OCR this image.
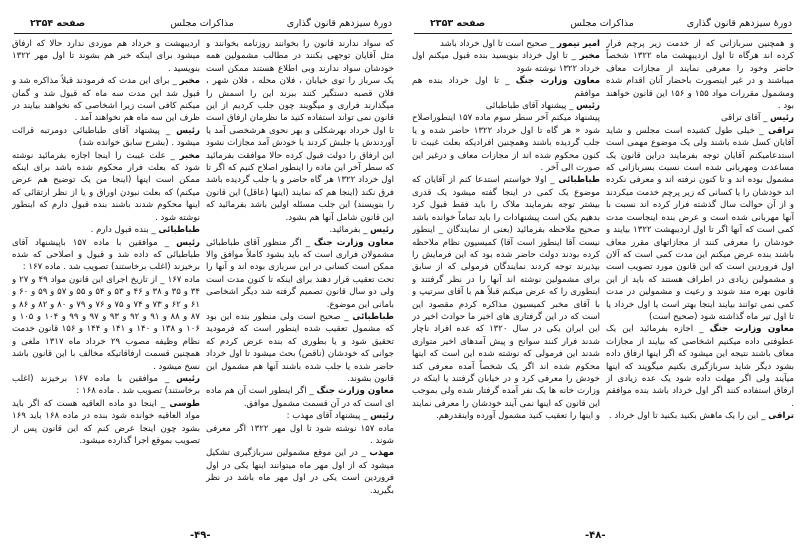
دورهٔ سیزدهم قانون گذاری
مذاکرات مجلس
صفحه ۲۳۵۴

که سواد ندارند قانون را بخوانند روزنامه بخوانند و مثل آقایان توجهی بکنند در مطالب مشمولین همه خودشان سواد ندارند وبی اطلاع هستند ممکن است یک سرباز را توی خیابان ، فلان محله ، فلان شهر ، فلان قصبه دستگیر کنند ببرند این را اسمش را میگذارند فراری و میگویند چون جلب کردیم از این قانون نمی تواند استفاده کنید ما نظرمان ارفاق است تا اول خرداد بهرشکلی و بهر نحوی هرشخصی آمد یا آوردندش یا جلبش کردند یا خودش آمد مجازات نشود این ارفاق را دولت قبول کرده حالا موافقت بفرمائید که سطر آخر این ماده را اینطور اصلاح کنیم که اگر تا اول خرداد ۱۳۲۲ هر گاه حاضر و یا جلب گردیده باشد فرق نکند (اینجا هم که نمایند (اینها (عاقل) این قانون را بنویسند) این جلب مسئله اولین باشد بفرمائید که این قانون شامل آنها هم بشود.

رئیس _ بفرمائید.

معاون وزارت جنگ _ اگر منظور آقای طباطبائی مشمولان فراری است که باید بشود کاملاً موافق والا ممکن است کسانی در این سربازی بوده اند و آنها را تحت تعقیب قرار دهند برای اینکه تا کنون مدت است ولی دو سال قانون تصمیم گرفته شد دیگر اشخاصی بامانی این موضوع.

طباطبائی _ صحیح است ولی منظور بنده این بود که مشمول تعقیب شده اینطور است که فرمودید تحقیق شود و یا بطوری که بنده عرض کردم که جوانی که خودشان (ناقص) بحث میشود تا اول خرداد حاضر شده یا جلب شده باشند آنها هم مشمول این قانون بشوند.

معاون وزارت جنگ _ اگر اینطور است آن هم ماده ای است که در آن قسمت مشمول موافق.

رئیس _ پیشنهاد آقای مهذب :

ماده ۱۵۷ نوشته شود تا اول مهر ۱۳۲۲ اگر معرفی شوند .

مهذب _ در این موقع مشمولین سربازگیری تشکیل میشود که از اول مهر ماه میتوانند اینها یکی در اول فروردین است یکی در اول مهر ماه باشد در نظر بگیرید.

اردیبهشت و خرداد هم موردی ندارد حالا که ارفاق میشود برای اینکه خبر هم بشوند تا اول مهر ۱۳۲۲ بنویسید .

مخبر _ برای این مدت که فرمودند قبلاً مذاکره شد و قبول شد این مدت سه ماه که قبول شد و گمان میکنم کافی است زیرا اشخاصی که نخواهند بیایند در ظرف این سه ماه هم نخواهند آمد .

رئیس _ پیشنهاد آقای طباطبائی دومرتبه قرائت میشود . (بشرح سابق خوانده شد)

مخبر _ علت غیبت را اینجا اجازه بفرمائید نوشته شود که بعلت فرار محکوم شده باشد برای اینکه ممکن است اینها (اینجا من یک توضیح هم عرض میکنم) که بعلت نبودن اوراق و یا از نظر ارتقائی که اینها محکوم شدند باشند بنده قبول دارم که اینطور نوشته شود .

طباطبائی _ بنده قبول دارم .

رئیس _ موافقین با ماده ۱۵۷ باپیشنهاد آقای طباطبائی که داده شد و قبول و اصلاحی که شده برخیزند (اغلب برخاستند) تصویب شد . ماده ۱۶۷ :

ماده ۱۶۷ _ از تاریخ اجرای این قانون مواد ۴۹ و ۲۷ و ۳۴ و ۳۵ و ۳۸ و ۴۶ و ۵۳ و ۵۴ و ۵۵ و ۵۷ و ۵۹ و ۶۰ و ۶۱ و ۶۲ و ۷۳ و ۷۴ و ۷۵ و ۷۶ و ۷۹ و ۸۰ و ۸۲ و ۸۶ و ۸۷ و ۸۸ و ۹۱ و ۹۲ و ۹۳ و ۹۷ و ۹۹ و ۱۰۴ و ۱۰۵ و ۱۰۶ و ۱۳۸ و ۱۴۰ و ۱۴۱ و ۱۴۴ و ۱۵۶ قانون خدمت نظام وظیفه مصوب ۲۹ خرداد ماه ۱۳۱۷ ملغی و همچنین قسمت ارفاقاتیکه مخالف با این قانون باشد نسخ میشود .

رئیس _ موافقین با ماده ۱۶۷ برخیزند (اغلب برخاستند) تصویب شد . ماده ۱۶۸ :

طوسی _ اینجا دو ماده العاقیه هست که اگر باید مواد العاقیه خوانده شود بنده در ماده ۱۶۸ باید ۱۶۹ بشود چون اینجا عرض کنم که این قانون پس از تصویب بموقع اجرا گذارده میشود.

-۴۹-
دورهٔ سیزدهم قانون گذاری
مذاکرات مجلس
صفحه ۲۳۵۳

و همچنین سربازانی که از خدمت زیر پرچم فرار کرده اند هرگاه تا اول اردیبهشت ماه ۱۳۲۲ شخصاً حاضر وخود را معرفی نمایند از مجازات معاف میباشند و در غیر اینصورت باحضار آنان اقدام شده ومشمول مقررات مواد ۱۵۵ و ۱۵۶ این قانون خواهند بود .

رئیس _ آقای تراقی

تراقی _ خیلی طول کشیده است مجلس و شاید آقایان کسل شده باشند ولی یک موضوع مهمی است استدعامیکنم آقایان توجه بفرمایند دراین قانون یک مساعدت ومهربانی شده است نسبت بسربازانی که مشمول بوده اند و تا کنون نرفته اند و معرفی نکرده اند خودشان را یا کسانی که زیر پرچم خدمت میکردند و از آن حوالت سال گذشته فرار کرده اند نسبت با آنها مهربانی شده است و عرض بنده اینجاست مدت کمی است که آنها اگر تا اول اردیبهشت ۱۳۲۲ بیایند و خودشان را معرفی کنند از مجازاتهای مقرر معاف باشند بنده عرض میکنم این مدت کمی است که آلان اول فروردین است که این قانون مورد تصویب است و مشمولین زیادی در اطراف هستند که باید از این قانون بهره مند شوند و رعیت و مشمولین در مدت کمی نمی توانند بیایند اینجا بهتر است یا اول خرداد یا تا اول تیر ماه گذاشته شود (صحیح است)

معاون وزارت جنگ _ اجازه بفرمائید این یک عطوفتی داده میکنیم اشخاصی که بیایند از مجازات معاف باشند نتیجه این میشود که اگر اینها ارفاق داده بشود دیگر شاید سربازگیری بکنیم میگویند که اینها میآیند ولی اگر مهلت داده شود یک عده زیادی از ارفاق استفاده کنند اگر اول خرداد باشد بنده موافقم .

تراقی _ این را یک ماهش بکنید بکنید تا اول خرداد .

امیر تیمور _ صحیح است تا اول خرداد باشد

مخبر _ تا اول خرداد بنویسید بنده قبول میکنم اول خرداد ۱۳۲۲ نوشته شود

معاون وزارت جنگ _ تا اول خرداد بنده هم موافقم

رئیس _ پیشنهاد آقای طباطبائی

پیشنهاد میکنم آخر سطر سوم ماده ۱۵۷ اینطوراصلاح شود « هر گاه تا اول خرداد ۱۳۲۲ حاضر شده و یا جلب گردیده باشند وهمچنین افرادیکه بعلت غیبت تا کنون محکوم شده اند از مجازات معاف و درغیر این صورت الی آخر .

طباطبائی _ اولا خواستم استدعا کنم از آقایان که موضوع یک کمی در اینجا گفته میشود یک قدری بیشتر توجه بفرمایند ملاک را باید فقط قبول کرد بدهیم یکن است پیشنهادات را باید تماماً خوانده باشد صحیح ملاحظه بفرمائید (بعنی از نمایندگان _ اینطور نیست آقا اینطور است آقا) کمیسیون نظام ملاحظه کرده بودند دولت حاضر شده بود که این فرمایش را بپذیرند توجه کردند نمایندگان فرمولی که از سابق برای مشمولین نوشته اند آنها را در نظر گرفتند و اینطوری را که عرض میکنم قبلاً هم با آقای سرتیپ و با آقای مخبر کمیسیون مذاکره کردم مقصود این است که در این گرفتاری های اخیر ما حوادث اخیر در این ایران یکی در سال ۱۳۲۰ که عده افراد ناچار شدند فرار کنند سوانح و پیش آمدهای اخیر متواری شدند این فرمولی که نوشته شده این است که اینها محکوم شده اند اگر یک شخصاً آمده معرفی کند خودش را معرفی کرد و در خیابان گرفتند یا اینکه در وزارت خانه ها یک نفر آمده گرفتار شده ولی بموجب این قانون که اینها نمی آیند خودشان را معرفی نمایند و اینها را تعقیب کنید مشمول آورده واینقدرهم.

-۴۸-
